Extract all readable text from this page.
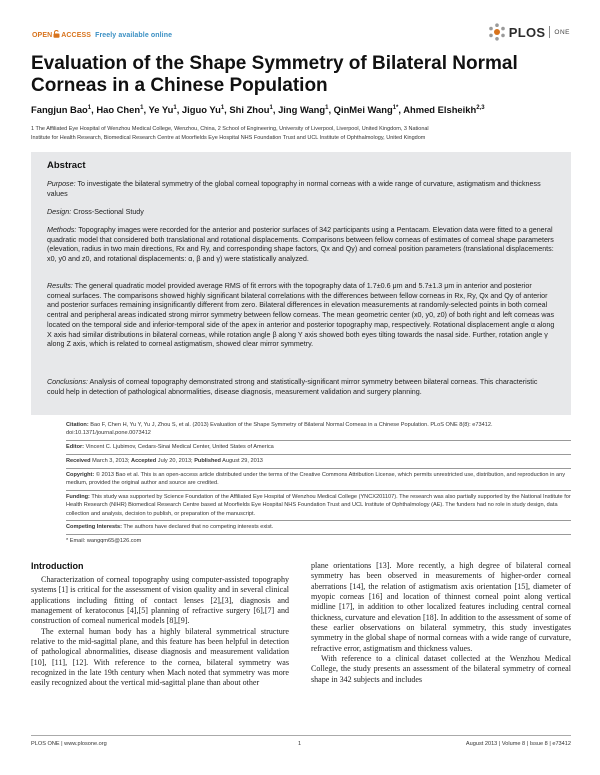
OPEN ACCESS Freely available online	PLOS ONE
Evaluation of the Shape Symmetry of Bilateral Normal
Corneas in a Chinese Population
Fangjun Bao$^1$, Hao Chen$^1$, Ye Yu$^1$, Jiguo Yu$^1$, Shi Zhou$^1$, Jing Wang$^1$, QinMei Wang$^{1*}$, Ahmed Elsheikh$^{2,3}$
1 The Affiliated Eye Hospital of Wenzhou Medical College, Wenzhou, China, 2 School of Engineering, University of Liverpool, Liverpool, United Kingdom, 3 National
Institute for Health Research, Biomedical Research Centre at Moorfields Eye Hospital NHS Foundation Trust and UCL Institute of Ophthalmology, United Kingdom
Abstract
Purpose: To investigate the bilateral symmetry of the global corneal topography in normal corneas with a wide range of curvature, astigmatism and thickness values
Design: Cross-Sectional Study
Methods: Topography images were recorded for the anterior and posterior surfaces of 342 participants using a Pentacam. Elevation data were fitted to a general quadratic model that considered both translational and rotational displacements. Comparisons between fellow corneas of estimates of corneal shape parameters (elevation, radius in two main directions, Rx and Ry, and corresponding shape factors, Qx and Qy) and corneal position parameters (translational displacements: x0, y0 and z0, and rotational displacements: α, β and γ) were statistically analyzed.
Results: The general quadratic model provided average RMS of fit errors with the topography data of 1.7±0.6 μm and 5.7±1.3 μm in anterior and posterior corneal surfaces. The comparisons showed highly significant bilateral correlations with the differences between fellow corneas in Rx, Ry, Qx and Qy of anterior and posterior surfaces remaining insignificantly different from zero. Bilateral differences in elevation measurements at randomly-selected points in both corneal central and peripheral areas indicated strong mirror symmetry between fellow corneas. The mean geometric center (x0, y0, z0) of both right and left corneas was located on the temporal side and inferior-temporal side of the apex in anterior and posterior topography map, respectively. Rotational displacement angle α along X axis had similar distributions in bilateral corneas, while rotation angle β along Y axis showed both eyes tilting towards the nasal side. Further, rotation angle γ along Z axis, which is related to corneal astigmatism, showed clear mirror symmetry.
Conclusions: Analysis of corneal topography demonstrated strong and statistically-significant mirror symmetry between bilateral corneas. This characteristic could help in detection of pathological abnormalities, disease diagnosis, measurement validation and surgery planning.
Citation: Bao F, Chen H, Yu Y, Yu J, Zhou S, et al. (2013) Evaluation of the Shape Symmetry of Bilateral Normal Corneas in a Chinese Population. PLoS ONE 8(8): e73412. doi:10.1371/journal.pone.0073412
Editor: Vincent C. Ljubimov, Cedars-Sinai Medical Center, United States of America
Received March 3, 2013; Accepted July 20, 2013; Published August 29, 2013
Copyright: © 2013 Bao et al. This is an open-access article distributed under the terms of the Creative Commons Attribution License, which permits unrestricted use, distribution, and reproduction in any medium, provided the original author and source are credited.
Funding: This study was supported by Science Foundation of the Affiliated Eye Hospital of Wenzhou Medical College (YNCX201107). The research was also partially supported by the National Institute for Health Research (NIHR) Biomedical Research Centre based at Moorfields Eye Hospital NHS Foundation Trust and UCL Institute of Ophthalmology (AE). The funders had no role in study design, data collection and analysis, decision to publish, or preparation of the manuscript.
Competing Interests: The authors have declared that no competing interests exist.
* Email: wangqm65@126.com
Introduction
Characterization of corneal topography using computer-assisted topography systems [1] is critical for the assessment of vision quality and in several clinical applications including fitting of contact lenses [2],[3], diagnosis and management of keratoconus [4],[5] planning of refractive surgery [6],[7] and construction of corneal numerical models [8],[9].
The external human body has a highly bilateral symmetrical structure relative to the mid-sagittal plane, and this feature has been helpful in detection of pathological abnormalities, disease diagnosis and measurement validation [10], [11], [12]. With reference to the cornea, bilateral symmetry was recognized in the late 19th century when Mach noted that symmetry was more easily recognized about the vertical mid-sagittal plane than about other
plane orientations [13]. More recently, a high degree of bilateral corneal symmetry has been observed in measurements of higher-order corneal aberrations [14], the relation of astigmatism axis orientation [15], diameter of myopic corneas [16] and location of thinnest corneal point along vertical midline [17], in addition to other localized features including central corneal thickness, curvature and elevation [18]. In addition to the assessment of some of these earlier observations on bilateral symmetry, this study investigates symmetry in the global shape of normal corneas with a wide range of curvature, refractive error, astigmatism and thickness values.
With reference to a clinical dataset collected at the Wenzhou Medical College, the study presents an assessment of the bilateral symmetry of corneal shape in 342 subjects and includes
PLOS ONE | www.plosone.org	1	August 2013 | Volume 8 | Issue 8 | e73412
